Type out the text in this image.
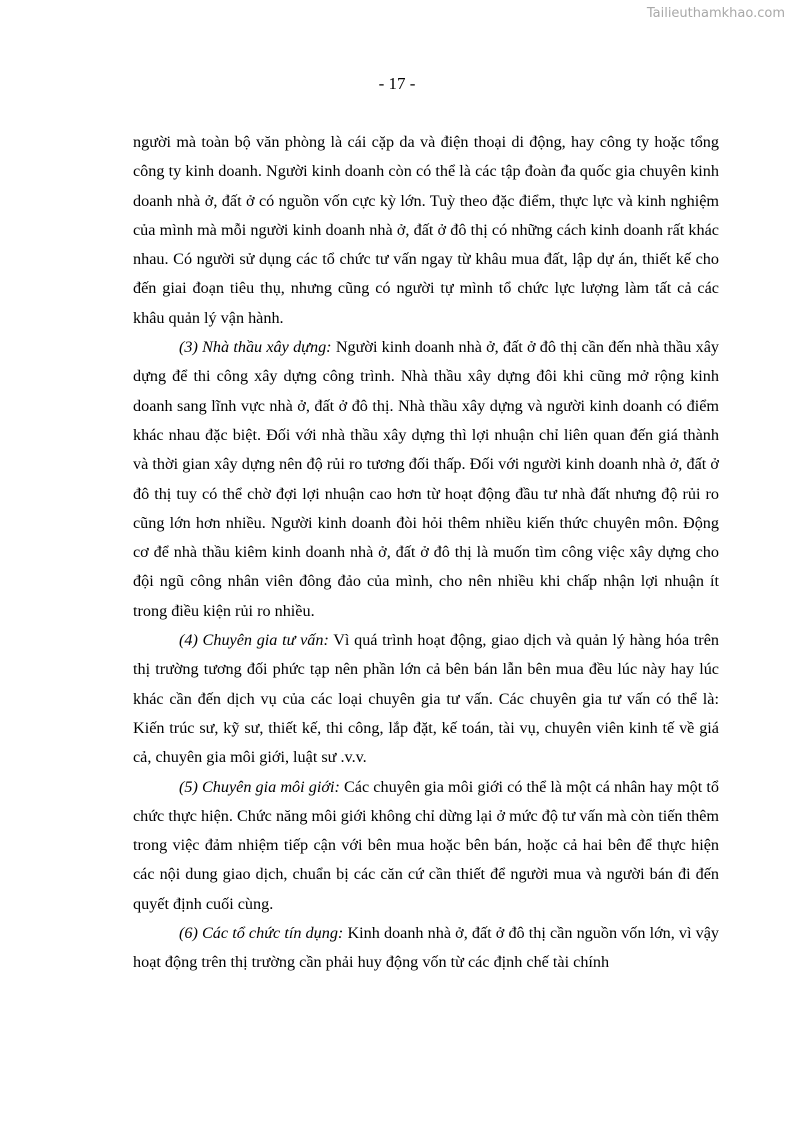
Tailieuthamkhao.com
- 17 -

người mà toàn bộ văn phòng là cái cặp da và điện thoại di động, hay công ty hoặc tổng công ty kinh doanh. Người kinh doanh còn có thể là các tập đoàn đa quốc gia chuyên kinh doanh nhà ở, đất ở có nguồn vốn cực kỳ lớn. Tuỳ theo đặc điểm, thực lực và kinh nghiệm của mình mà mỗi người kinh doanh nhà ở, đất ở đô thị có những cách kinh doanh rất khác nhau. Có người sử dụng các tổ chức tư vấn ngay từ khâu mua đất, lập dự án, thiết kế cho đến giai đoạn tiêu thụ, nhưng cũng có người tự mình tổ chức lực lượng làm tất cả các khâu quản lý vận hành.

(3) Nhà thầu xây dựng: Người kinh doanh nhà ở, đất ở đô thị cần đến nhà thầu xây dựng để thi công xây dựng công trình. Nhà thầu xây dựng đôi khi cũng mở rộng kinh doanh sang lĩnh vực nhà ở, đất ở đô thị. Nhà thầu xây dựng và người kinh doanh có điểm khác nhau đặc biệt. Đối với nhà thầu xây dựng thì lợi nhuận chỉ liên quan đến giá thành và thời gian xây dựng nên độ rủi ro tương đối thấp. Đối với người kinh doanh nhà ở, đất ở đô thị tuy có thể chờ đợi lợi nhuận cao hơn từ hoạt động đầu tư nhà đất nhưng độ rủi ro cũng lớn hơn nhiều. Người kinh doanh đòi hỏi thêm nhiều kiến thức chuyên môn. Động cơ để nhà thầu kiêm kinh doanh nhà ở, đất ở đô thị là muốn tìm công việc xây dựng cho đội ngũ công nhân viên đông đảo của mình, cho nên nhiều khi chấp nhận lợi nhuận ít trong điều kiện rủi ro nhiều.

(4) Chuyên gia tư vấn: Vì quá trình hoạt động, giao dịch và quản lý hàng hóa trên thị trường tương đối phức tạp nên phần lớn cả bên bán lẫn bên mua đều lúc này hay lúc khác cần đến dịch vụ của các loại chuyên gia tư vấn. Các chuyên gia tư vấn có thể là: Kiến trúc sư, kỹ sư, thiết kế, thi công, lắp đặt, kế toán, tài vụ, chuyên viên kinh tế về giá cả, chuyên gia môi giới, luật sư .v.v.

(5) Chuyên gia môi giới: Các chuyên gia môi giới có thể là một cá nhân hay một tổ chức thực hiện. Chức năng môi giới không chỉ dừng lại ở mức độ tư vấn mà còn tiến thêm trong việc đảm nhiệm tiếp cận với bên mua hoặc bên bán, hoặc cả hai bên để thực hiện các nội dung giao dịch, chuẩn bị các căn cứ cần thiết để người mua và người bán đi đến quyết định cuối cùng.

(6) Các tổ chức tín dụng: Kinh doanh nhà ở, đất ở đô thị cần nguồn vốn lớn, vì vậy hoạt động trên thị trường cần phải huy động vốn từ các định chế tài chính
